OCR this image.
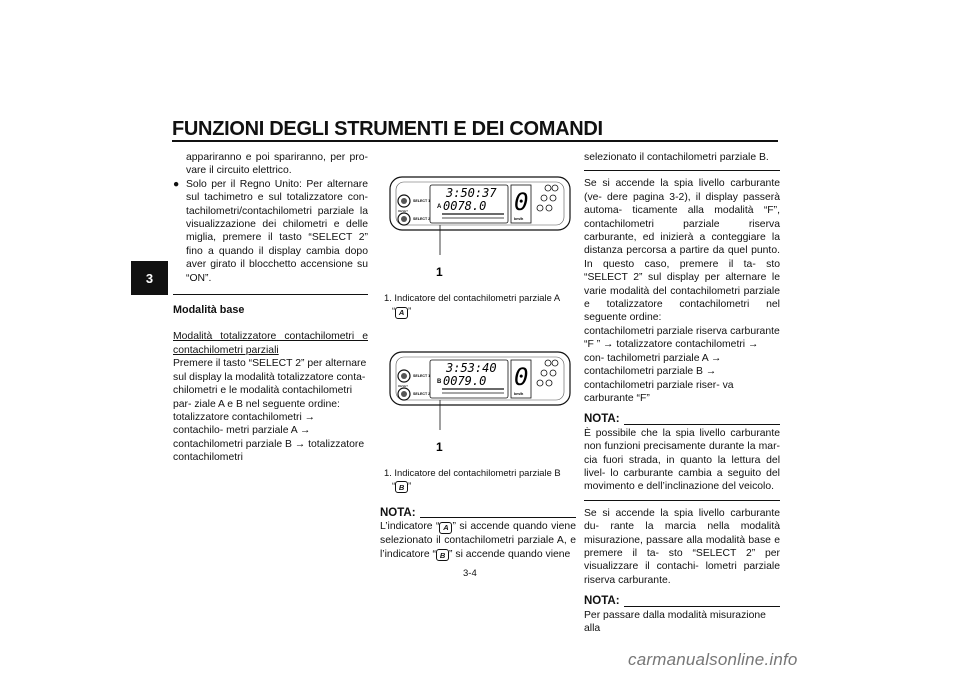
FUNZIONI DEGLI STRUMENTI E DEI COMANDI
3

appariranno e poi spariranno, per pro- vare il circuito elettrico.

● Solo per il Regno Unito: Per alternare sul tachimetro e sul totalizzatore con- tachilometri/contachilometri parziale la visualizzazione dei chilometri e delle miglia, premere il tasto “SELECT 2” fino a quando il display cambia dopo aver girato il blocchetto accensione su “ON”.

Modalità base

Modalità totalizzatore contachilometri e contachilometri parziali

Premere il tasto “SELECT 2” per alternare sul display la modalità totalizzatore conta- chilometri e le modalità contachilometri par- ziale A e B nel seguente ordine: totalizzatore contachilometri → contachilo- metri parziale A → contachilometri parziale B → totalizzatore contachilometri

SELECT 1
SELECT 2
RESET
3:50:37
A 0078.0 0
km/h
1
1. Indicatore del contachilometri parziale A
“ A ”
SELECT 1
SELECT 2
RESET
3:53:40
B 0079.0 0
km/h
1
1. Indicatore del contachilometri parziale B
“ B ”
NOTA:

L’indicatore “ A ” si accende quando viene selezionato il contachilometri parziale A, e l’indicatore “ B ” si accende quando viene

selezionato il contachilometri parziale B.

Se si accende la spia livello carburante (ve- dere pagina 3-2), il display passerà automa- ticamente alla modalità “F”, contachilometri parziale riserva carburante, ed inizierà a conteggiare la distanza percorsa a partire da quel punto. In questo caso, premere il ta- sto “SELECT 2” sul display per alternare le varie modalità del contachilometri parziale e totalizzatore contachilometri nel seguente ordine:

contachilometri parziale riserva carburante “F ” → totalizzatore contachilometri → con- tachilometri parziale A → contachilometri parziale B → contachilometri parziale riser- va carburante “F”

NOTA:

È possibile che la spia livello carburante non funzioni precisamente durante la mar- cia fuori strada, in quanto la lettura del livel- lo carburante cambia a seguito del movimento e dell’inclinazione del veicolo.

Se si accende la spia livello carburante du- rante la marcia nella modalità misurazione, passare alla modalità base e premere il ta- sto “SELECT 2” per visualizzare il contachi- lometri parziale riserva carburante.

NOTA:

Per passare dalla modalità misurazione alla

3-4
carmanualsonline.info
